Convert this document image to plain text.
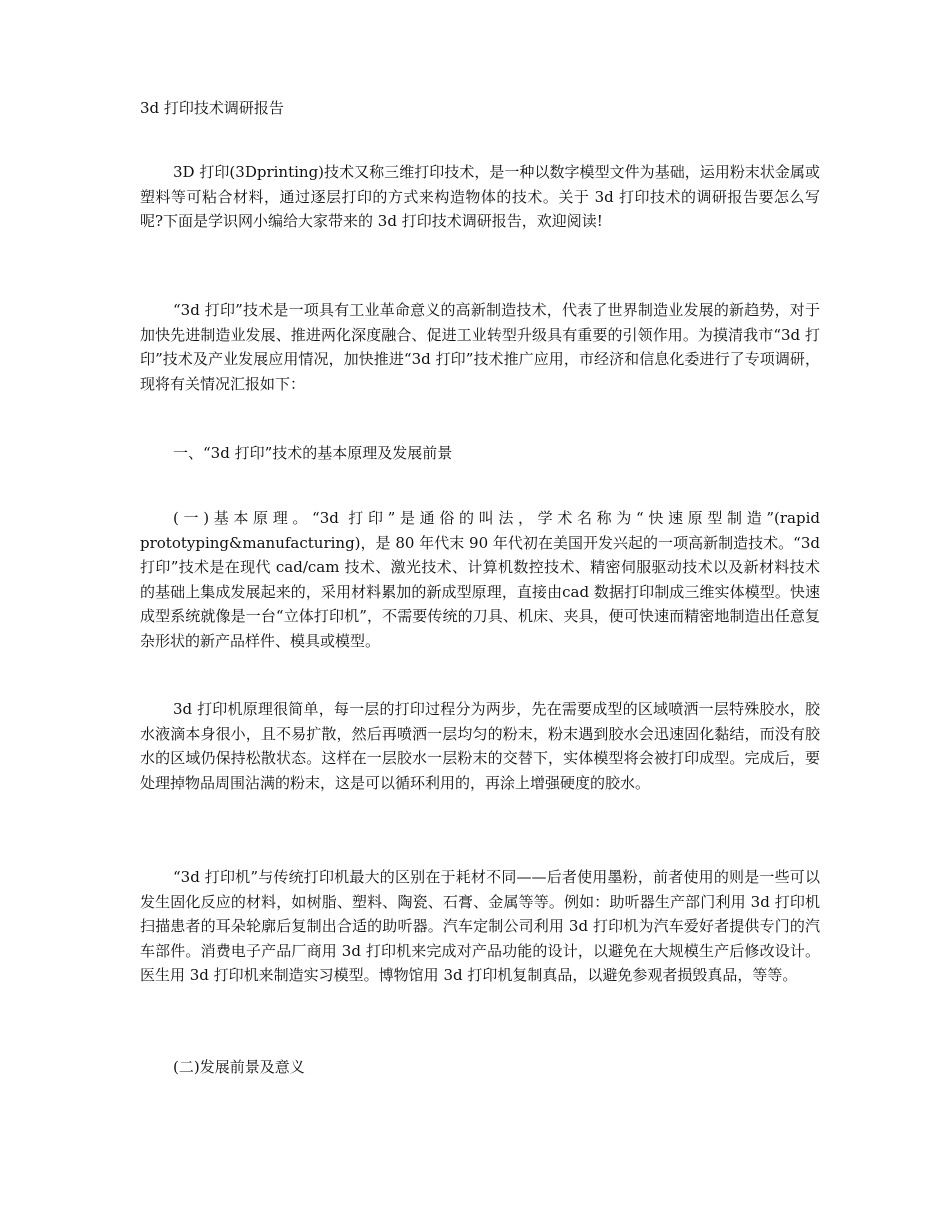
3d 打印技术调研报告

3D 打印(3Dprinting)技术又称三维打印技术，是一种以数字模型文件为基础，运用粉末状金属或塑料等可粘合材料，通过逐层打印的方式来构造物体的技术。关于 3d 打印技术的调研报告要怎么写呢?下面是学识网小编给大家带来的 3d 打印技术调研报告，欢迎阅读!

“3d 打印”技术是一项具有工业革命意义的高新制造技术，代表了世界制造业发展的新趋势，对于加快先进制造业发展、推进两化深度融合、促进工业转型升级具有重要的引领作用。为摸清我市“3d 打印”技术及产业发展应用情况，加快推进“3d 打印”技术推广应用，市经济和信息化委进行了专项调研，现将有关情况汇报如下：

一、“3d 打印”技术的基本原理及发展前景

(一)基本原理。“3d 打印”是通俗的叫法，学术名称为“快速原型制造”(rapid prototyping&manufacturing)，是 80 年代末 90 年代初在美国开发兴起的一项高新制造技术。“3d 打印”技术是在现代 cad/cam 技术、激光技术、计算机数控技术、精密伺服驱动技术以及新材料技术的基础上集成发展起来的，采用材料累加的新成型原理，直接由cad 数据打印制成三维实体模型。快速成型系统就像是一台“立体打印机”，不需要传统的刀具、机床、夹具，便可快速而精密地制造出任意复杂形状的新产品样件、模具或模型。

3d 打印机原理很简单，每一层的打印过程分为两步，先在需要成型的区域喷洒一层特殊胶水，胶水液滴本身很小，且不易扩散，然后再喷洒一层均匀的粉末，粉末遇到胶水会迅速固化黏结，而没有胶水的区域仍保持松散状态。这样在一层胶水一层粉末的交替下，实体模型将会被打印成型。完成后，要处理掉物品周围沾满的粉末，这是可以循环利用的，再涂上增强硬度的胶水。

“3d 打印机”与传统打印机最大的区别在于耗材不同——后者使用墨粉，前者使用的则是一些可以发生固化反应的材料，如树脂、塑料、陶瓷、石膏、金属等等。例如：助听器生产部门利用 3d 打印机扫描患者的耳朵轮廓后复制出合适的助听器。汽车定制公司利用 3d 打印机为汽车爱好者提供专门的汽车部件。消费电子产品厂商用 3d 打印机来完成对产品功能的设计，以避免在大规模生产后修改设计。医生用 3d 打印机来制造实习模型。博物馆用 3d 打印机复制真品，以避免参观者损毁真品，等等。

(二)发展前景及意义
